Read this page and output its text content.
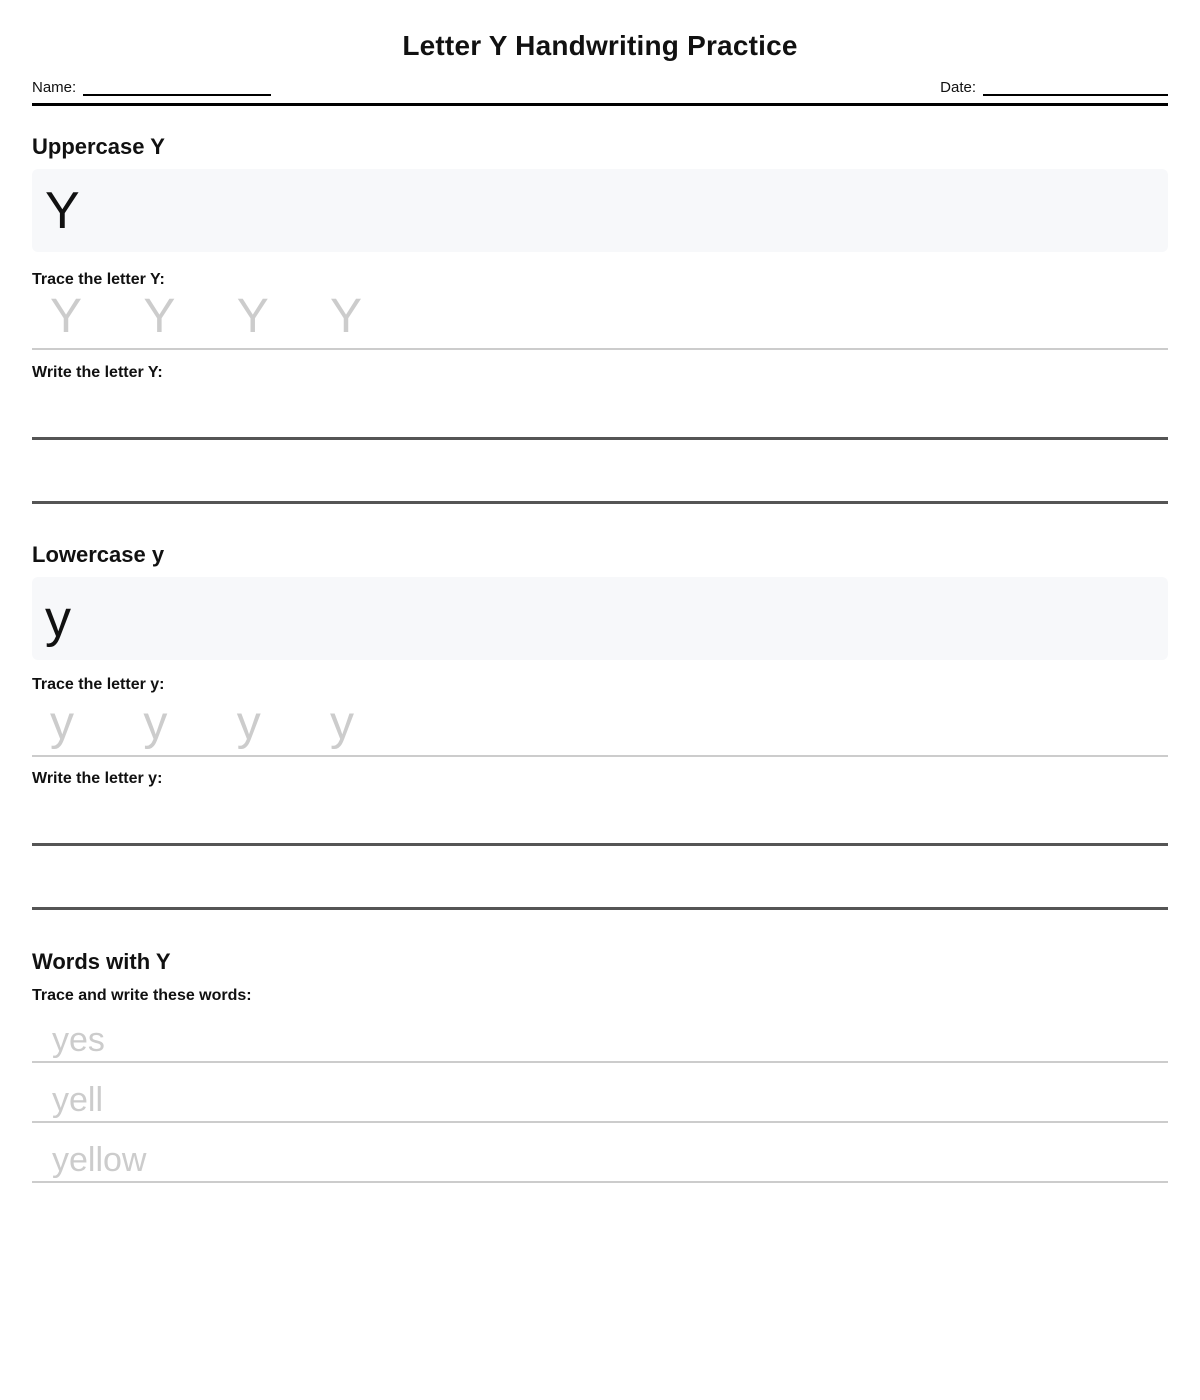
Letter Y Handwriting Practice
Name:	Date:
Uppercase Y
Y
Trace the letter Y:
Y Y Y Y
Write the letter Y:
Lowercase y
y
Trace the letter y:
y y y y
Write the letter y:
Words with Y
Trace and write these words:
yes
yell
yellow
